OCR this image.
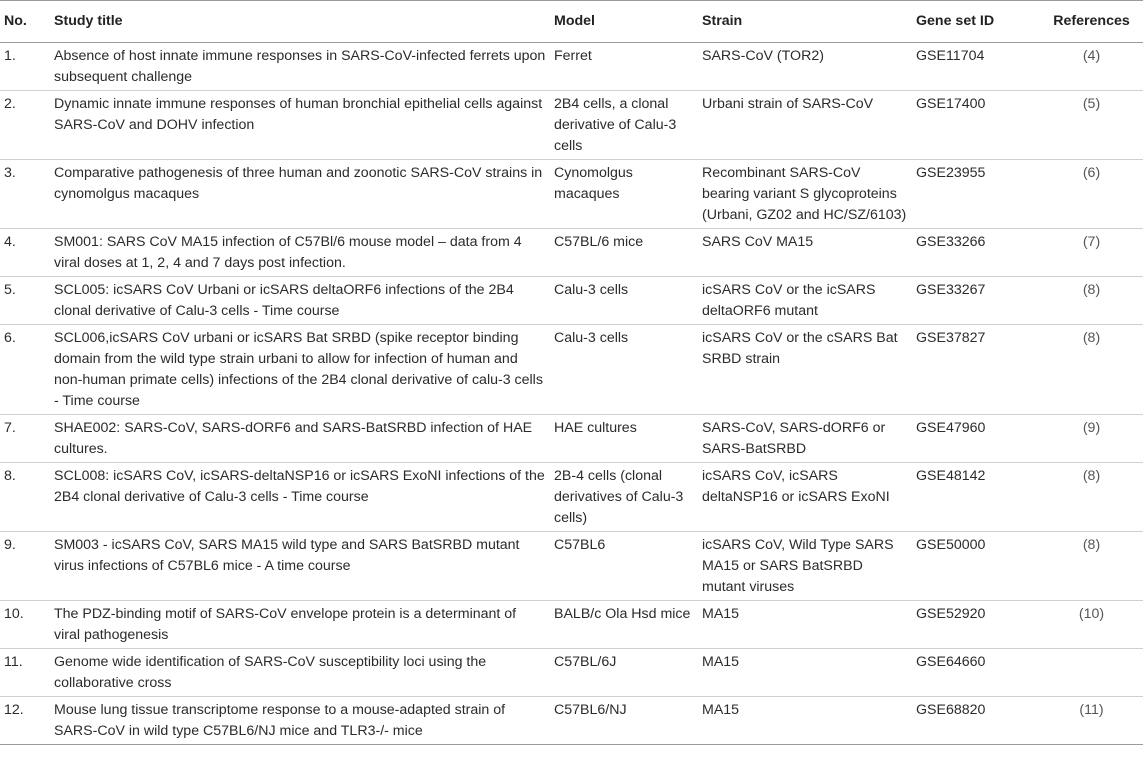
No.	Study title	Model	Strain	Gene set ID	References
1.	Absence of host innate immune responses in SARS-CoV-infected ferrets upon subsequent challenge	Ferret	SARS-CoV (TOR2)	GSE11704	(4)
2.	Dynamic innate immune responses of human bronchial epithelial cells against SARS-CoV and DOHV infection	2B4 cells, a clonal derivative of Calu-3 cells	Urbani strain of SARS-CoV	GSE17400	(5)
3.	Comparative pathogenesis of three human and zoonotic SARS-CoV strains in cynomolgus macaques	Cynomolgus macaques	Recombinant SARS-CoV bearing variant S glycoproteins (Urbani, GZ02 and HC/SZ/6103)	GSE23955	(6)
4.	SM001: SARS CoV MA15 infection of C57Bl/6 mouse model – data from 4 viral doses at 1, 2, 4 and 7 days post infection.	C57BL/6 mice	SARS CoV MA15	GSE33266	(7)
5.	SCL005: icSARS CoV Urbani or icSARS deltaORF6 infections of the 2B4 clonal derivative of Calu-3 cells - Time course	Calu-3 cells	icSARS CoV or the icSARS deltaORF6 mutant	GSE33267	(8)
6.	SCL006,icSARS CoV urbani or icSARS Bat SRBD (spike receptor binding domain from the wild type strain urbani to allow for infection of human and non-human primate cells) infections of the 2B4 clonal derivative of calu-3 cells - Time course	Calu-3 cells	icSARS CoV or the cSARS Bat SRBD strain	GSE37827	(8)
7.	SHAE002: SARS-CoV, SARS-dORF6 and SARS-BatSRBD infection of HAE cultures.	HAE cultures	SARS-CoV, SARS-dORF6 or SARS-BatSRBD	GSE47960	(9)
8.	SCL008: icSARS CoV, icSARS-deltaNSP16 or icSARS ExoNI infections of the 2B4 clonal derivative of Calu-3 cells - Time course	2B-4 cells (clonal derivatives of Calu-3 cells)	icSARS CoV, icSARS deltaNSP16 or icSARS ExoNI	GSE48142	(8)
9.	SM003 - icSARS CoV, SARS MA15 wild type and SARS BatSRBD mutant virus infections of C57BL6 mice - A time course	C57BL6	icSARS CoV, Wild Type SARS MA15 or SARS BatSRBD mutant viruses	GSE50000	(8)
10.	The PDZ-binding motif of SARS-CoV envelope protein is a determinant of viral pathogenesis	BALB/c Ola Hsd mice	MA15	GSE52920	(10)
11.	Genome wide identification of SARS-CoV susceptibility loci using the collaborative cross	C57BL/6J	MA15	GSE64660	
12.	Mouse lung tissue transcriptome response to a mouse-adapted strain of SARS-CoV in wild type C57BL6/NJ mice and TLR3-/- mice	C57BL6/NJ	MA15	GSE68820	(11)
